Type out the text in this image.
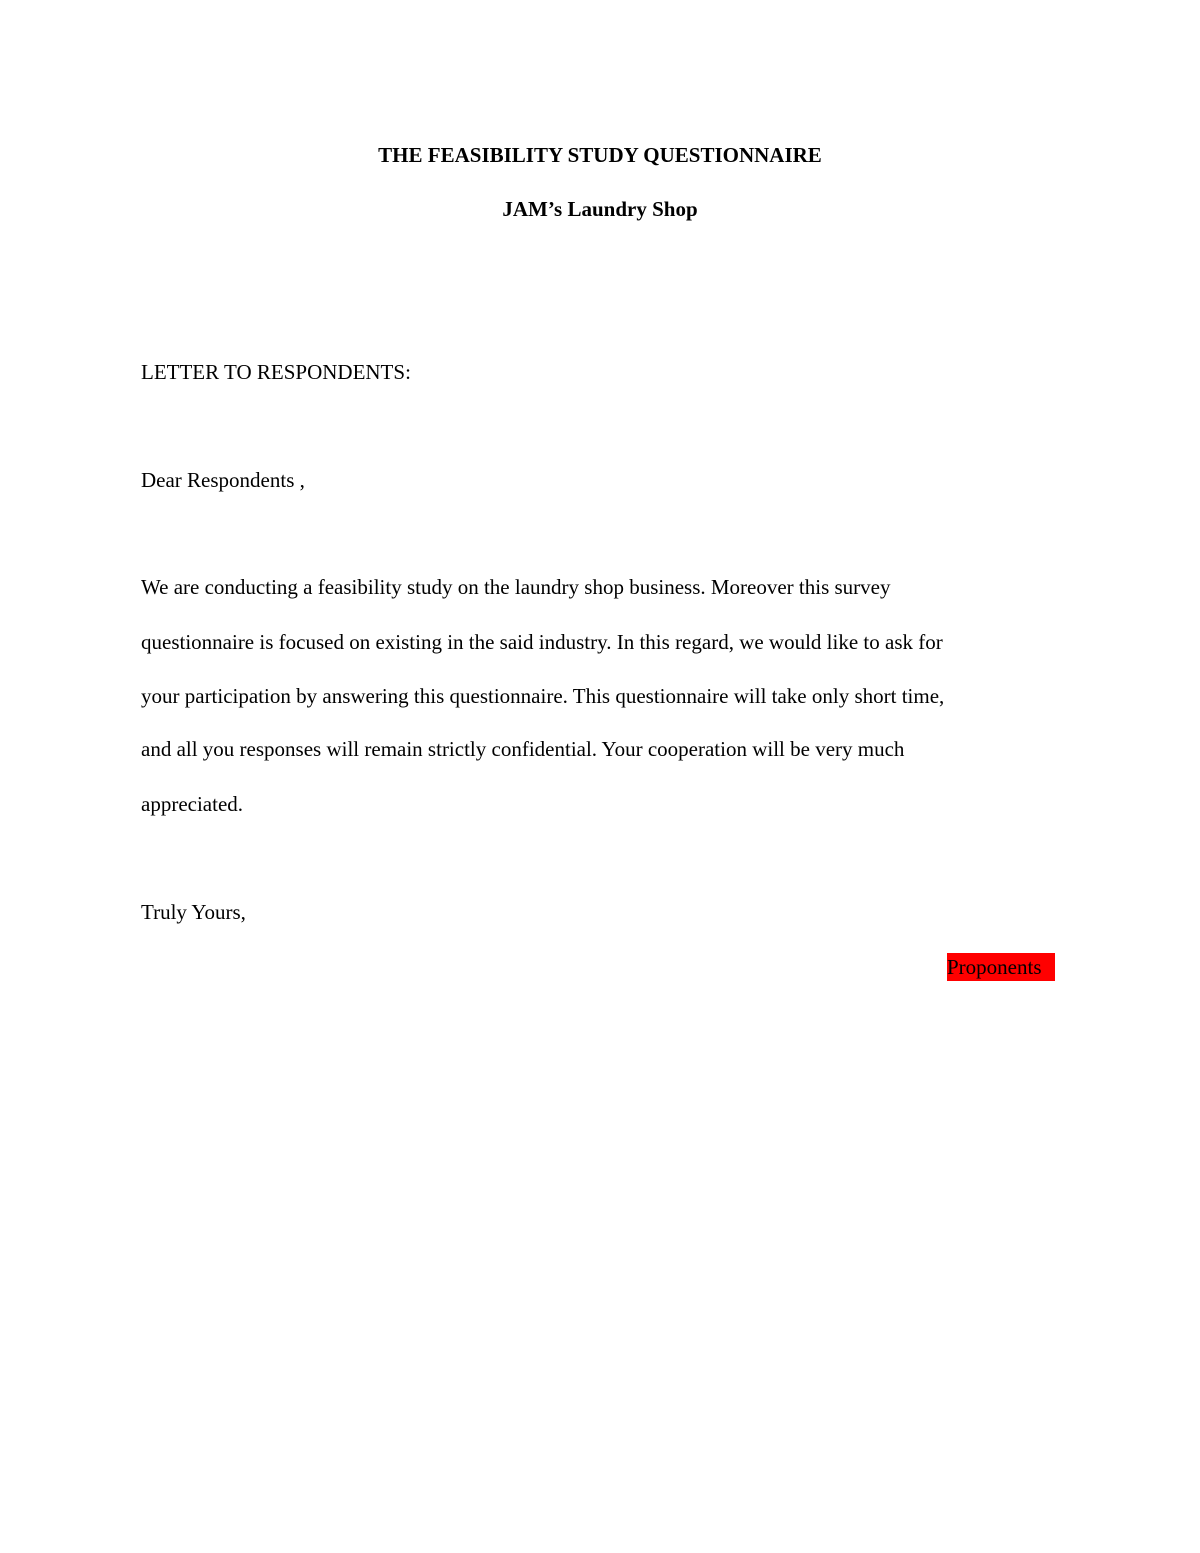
THE FEASIBILITY STUDY QUESTIONNAIRE
JAM’s Laundry Shop
LETTER TO RESPONDENTS:
Dear Respondents ,
We are conducting a feasibility study on the laundry shop business. Moreover this survey
questionnaire is focused on existing in the said industry. In this regard, we would like to ask for
your participation by answering this questionnaire. This questionnaire will take only short time,
and all you responses will remain strictly confidential. Your cooperation will be very much
appreciated.
Truly Yours,
Proponents
